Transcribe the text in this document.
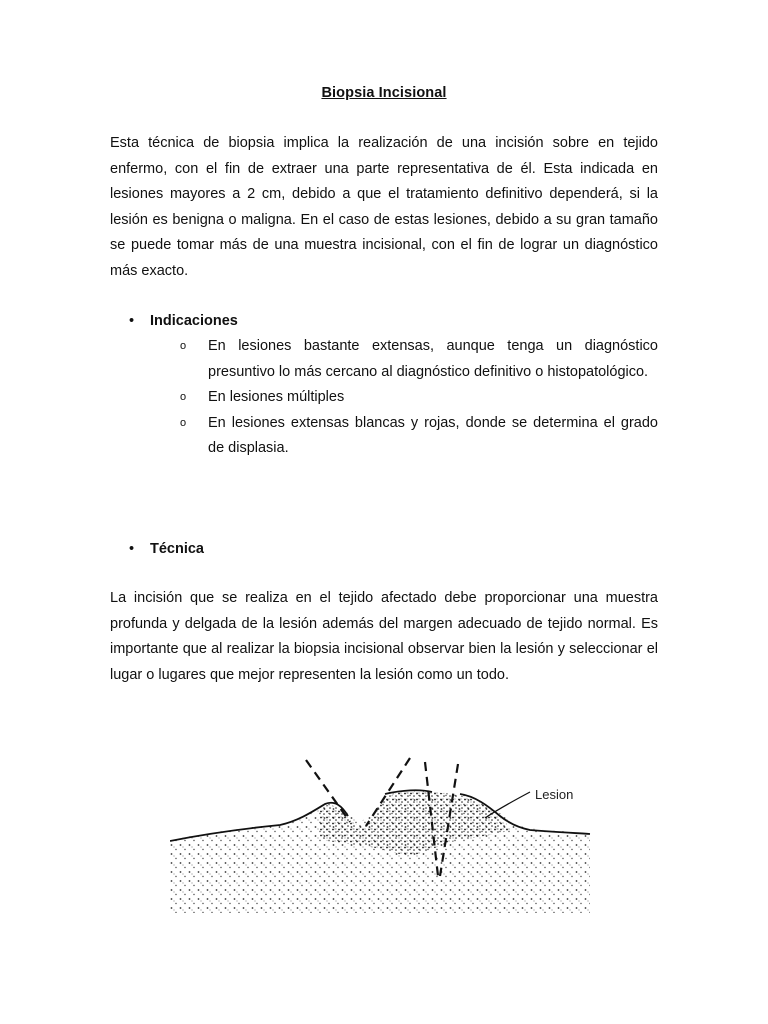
Biopsia Incisional

Esta técnica de biopsia implica la realización de una incisión sobre en tejido enfermo, con el fin de extraer una parte representativa de él. Esta indicada en lesiones mayores a 2 cm, debido a que el tratamiento definitivo dependerá, si la lesión es benigna o maligna. En el caso de estas lesiones, debido a su gran tamaño se puede tomar más de una muestra incisional, con el fin de lograr un diagnóstico más exacto.

• Indicaciones
o En lesiones bastante extensas, aunque tenga un diagnóstico presuntivo lo más cercano al diagnóstico definitivo o histopatológico.
o En lesiones múltiples
o En lesiones extensas blancas y rojas, donde se determina el grado de displasia.
• Técnica

La incisión que se realiza en el tejido afectado debe proporcionar una muestra profunda y delgada de la lesión además del margen adecuado de tejido normal. Es importante que al realizar la biopsia incisional observar bien la lesión y seleccionar el lugar o lugares que mejor representen la lesión como un todo.

Lesion
